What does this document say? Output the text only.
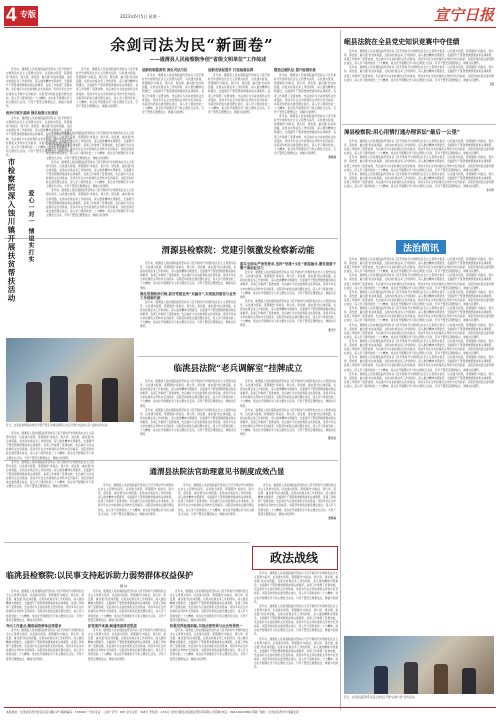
4 专版	2023年6月5日 星期一	宣宁日报
余剑司法为民“新画卷”
——通渭县人民检察院争创“省级文明单位”工作综述

近年来，通渭县人民检察院始终坚持以习近平新时代中国特色社会主义思想为指导，以党建为统领，紧紧围绕“讲政治、顾大局、谋发展、重自强”的总体思路，在抓实检察业务工作的同时，深入推进精神文明建设，全面提升干警思想道德素质和法律素养，各项工作取得了显著成效，先后被评为全省检察机关先进集体，连续多年在全市检察机关考核中名列前茅。该院坚持把政治建设摆在首位，深入学习贯彻党的二十大精神，常态化开展理论学习和主题党日活动，引导干警坚定理想信念、厚植为民情怀。

政治引领夯基础 强化检察文化建设

近年来，通渭县人民检察院始终坚持以习近平新时代中国特色社会主义思想为指导，以党建为统领，紧紧围绕“讲政治、顾大局、谋发展、重自强”的总体思路，在抓实检察业务工作的同时，深入推进精神文明建设，全面提升干警思想道德素质和法律素养，各项工作取得了显著成效，先后被评为全省检察机关先进集体，连续多年在全市检察机关考核中名列前茅。该院坚持把政治建设摆在首位，深入学习贯彻党的二十大精神，常态化开展理论学习和主题党日活动，引导干警坚定理想信念、厚植为民情怀。

近年来，通渭县人民检察院始终坚持以习近平新时代中国特色社会主义思想为指导，以党建为统领，紧紧围绕“讲政治、顾大局、谋发展、重自强”的总体思路，在抓实检察业务工作的同时，深入推进精神文明建设，全面提升干警思想道德素质和法律素养，各项工作取得了显著成效，先后被评为全省检察机关先进集体，连续多年在全市检察机关考核中名列前茅。该院坚持把政治建设摆在首位，深入学习贯彻党的二十大精神，常态化开展理论学习和主题党日活动，引导干警坚定理想信念、厚植为民情怀。

创新机制提质效 深化司法为民

近年来，通渭县人民检察院始终坚持以习近平新时代中国特色社会主义思想为指导，以党建为统领，紧紧围绕“讲政治、顾大局、谋发展、重自强”的总体思路，在抓实检察业务工作的同时，深入推进精神文明建设，全面提升干警思想道德素质和法律素养，各项工作取得了显著成效，先后被评为全省检察机关先进集体，连续多年在全市检察机关考核中名列前茅。该院坚持把政治建设摆在首位，深入学习贯彻党的二十大精神，常态化开展理论学习和主题党日活动，引导干警坚定理想信念、厚植为民情怀。

创新发展促提升 打造检察品牌

近年来，通渭县人民检察院始终坚持以习近平新时代中国特色社会主义思想为指导，以党建为统领，紧紧围绕“讲政治、顾大局、谋发展、重自强”的总体思路，在抓实检察业务工作的同时，深入推进精神文明建设，全面提升干警思想道德素质和法律素养，各项工作取得了显著成效，先后被评为全省检察机关先进集体，连续多年在全市检察机关考核中名列前茅。该院坚持把政治建设摆在首位，深入学习贯彻党的二十大精神，常态化开展理论学习和主题党日活动，引导干警坚定理想信念、厚植为民情怀。

锻造过硬队伍 提升检察形象

近年来，通渭县人民检察院始终坚持以习近平新时代中国特色社会主义思想为指导，以党建为统领，紧紧围绕“讲政治、顾大局、谋发展、重自强”的总体思路，在抓实检察业务工作的同时，深入推进精神文明建设，全面提升干警思想道德素质和法律素养，各项工作取得了显著成效，先后被评为全省检察机关先进集体，连续多年在全市检察机关考核中名列前茅。该院坚持把政治建设摆在首位，深入学习贯彻党的二十大精神，常态化开展理论学习和主题党日活动，引导干警坚定理想信念、厚植为民情怀。

近年来，通渭县人民检察院始终坚持以习近平新时代中国特色社会主义思想为指导，以党建为统领，紧紧围绕“讲政治、顾大局、谋发展、重自强”的总体思路，在抓实检察业务工作的同时，深入推进精神文明建设，全面提升干警思想道德素质和法律素养，各项工作取得了显著成效，先后被评为全省检察机关先进集体，连续多年在全市检察机关考核中名列前茅。该院坚持把政治建设摆在首位，深入学习贯彻党的二十大精神，常态化开展理论学习和主题党日活动，引导干警坚定理想信念、厚植为民情怀。

张鸿基
市检察院深入蚀川镇开展扶贫帮扶活动 爱心一对一 情谊实打实

近年来，通渭县人民检察院始终坚持以习近平新时代中国特色社会主义思想为指导，以党建为统领，紧紧围绕“讲政治、顾大局、谋发展、重自强”的总体思路，在抓实检察业务工作的同时，深入推进精神文明建设，全面提升干警思想道德素质和法律素养，各项工作取得了显著成效，先后被评为全省检察机关先进集体，连续多年在全市检察机关考核中名列前茅。该院坚持把政治建设摆在首位，深入学习贯彻党的二十大精神，常态化开展理论学习和主题党日活动，引导干警坚定理想信念、厚植为民情怀。

近年来，通渭县人民检察院始终坚持以习近平新时代中国特色社会主义思想为指导，以党建为统领，紧紧围绕“讲政治、顾大局、谋发展、重自强”的总体思路，在抓实检察业务工作的同时，深入推进精神文明建设，全面提升干警思想道德素质和法律素养，各项工作取得了显著成效，先后被评为全省检察机关先进集体，连续多年在全市检察机关考核中名列前茅。该院坚持把政治建设摆在首位，深入学习贯彻党的二十大精神，常态化开展理论学习和主题党日活动，引导干警坚定理想信念、厚植为民情怀。

近年来，通渭县人民检察院始终坚持以习近平新时代中国特色社会主义思想为指导，以党建为统领，紧紧围绕“讲政治、顾大局、谋发展、重自强”的总体思路，在抓实检察业务工作的同时，深入推进精神文明建设，全面提升干警思想道德素质和法律素养，各项工作取得了显著成效，先后被评为全省检察机关先进集体，连续多年在全市检察机关考核中名列前茅。该院坚持把政治建设摆在首位，深入学习贯彻党的二十大精神，常态化开展理论学习和主题党日活动，引导干警坚定理想信念、厚植为民情怀。

近日，庄浪县检察院检察长带领干警走进漳县遮阳山片区开展“送法进山区”法律宣传活动。
渭源县检察院：党建引领激发检察新动能

近年来，通渭县人民检察院始终坚持以习近平新时代中国特色社会主义思想为指导，以党建为统领，紧紧围绕“讲政治、顾大局、谋发展、重自强”的总体思路，在抓实检察业务工作的同时，深入推进精神文明建设，全面提升干警思想道德素质和法律素养，各项工作取得了显著成效，先后被评为全省检察机关先进集体，连续多年在全市检察机关考核中名列前茅。该院坚持把政治建设摆在首位，深入学习贯彻党的二十大精神，常态化开展理论学习和主题党日活动，引导干警坚定理想信念、厚植为民情怀。

强化思想政治引领,抓好党建业务“双融合”,实现组织建设与业务工作同频共振

近年来，通渭县人民检察院始终坚持以习近平新时代中国特色社会主义思想为指导，以党建为统领，紧紧围绕“讲政治、顾大局、谋发展、重自强”的总体思路，在抓实检察业务工作的同时，深入推进精神文明建设，全面提升干警思想道德素质和法律素养，各项工作取得了显著成效，先后被评为全省检察机关先进集体，连续多年在全市检察机关考核中名列前茅。该院坚持把政治建设摆在首位，深入学习贯彻党的二十大精神，常态化开展理论学习和主题党日活动，引导干警坚定理想信念、厚植为民情怀。

落实全面从严治党要求,坚持“党建+文化”深度融合,激发检察干警干事创业活力

近年来，通渭县人民检察院始终坚持以习近平新时代中国特色社会主义思想为指导，以党建为统领，紧紧围绕“讲政治、顾大局、谋发展、重自强”的总体思路，在抓实检察业务工作的同时，深入推进精神文明建设，全面提升干警思想道德素质和法律素养，各项工作取得了显著成效，先后被评为全省检察机关先进集体，连续多年在全市检察机关考核中名列前茅。该院坚持把政治建设摆在首位，深入学习贯彻党的二十大精神，常态化开展理论学习和主题党日活动，引导干警坚定理想信念、厚植为民情怀。

近年来，通渭县人民检察院始终坚持以习近平新时代中国特色社会主义思想为指导，以党建为统领，紧紧围绕“讲政治、顾大局、谋发展、重自强”的总体思路，在抓实检察业务工作的同时，深入推进精神文明建设，全面提升干警思想道德素质和法律素养，各项工作取得了显著成效，先后被评为全省检察机关先进集体，连续多年在全市检察机关考核中名列前茅。该院坚持把政治建设摆在首位，深入学习贯彻党的二十大精神，常态化开展理论学习和主题党日活动，引导干警坚定理想信念、厚植为民情怀。

张宇宁
临洮县法院“老兵调解室”挂牌成立

近年来，通渭县人民检察院始终坚持以习近平新时代中国特色社会主义思想为指导，以党建为统领，紧紧围绕“讲政治、顾大局、谋发展、重自强”的总体思路，在抓实检察业务工作的同时，深入推进精神文明建设，全面提升干警思想道德素质和法律素养，各项工作取得了显著成效，先后被评为全省检察机关先进集体，连续多年在全市检察机关考核中名列前茅。该院坚持把政治建设摆在首位，深入学习贯彻党的二十大精神，常态化开展理论学习和主题党日活动，引导干警坚定理想信念、厚植为民情怀。

近年来，通渭县人民检察院始终坚持以习近平新时代中国特色社会主义思想为指导，以党建为统领，紧紧围绕“讲政治、顾大局、谋发展、重自强”的总体思路，在抓实检察业务工作的同时，深入推进精神文明建设，全面提升干警思想道德素质和法律素养，各项工作取得了显著成效，先后被评为全省检察机关先进集体，连续多年在全市检察机关考核中名列前茅。该院坚持把政治建设摆在首位，深入学习贯彻党的二十大精神，常态化开展理论学习和主题党日活动，引导干警坚定理想信念、厚植为民情怀。

近年来，通渭县人民检察院始终坚持以习近平新时代中国特色社会主义思想为指导，以党建为统领，紧紧围绕“讲政治、顾大局、谋发展、重自强”的总体思路，在抓实检察业务工作的同时，深入推进精神文明建设，全面提升干警思想道德素质和法律素养，各项工作取得了显著成效，先后被评为全省检察机关先进集体，连续多年在全市检察机关考核中名列前茅。该院坚持把政治建设摆在首位，深入学习贯彻党的二十大精神，常态化开展理论学习和主题党日活动，引导干警坚定理想信念、厚植为民情怀。

近年来，通渭县人民检察院始终坚持以习近平新时代中国特色社会主义思想为指导，以党建为统领，紧紧围绕“讲政治、顾大局、谋发展、重自强”的总体思路，在抓实检察业务工作的同时，深入推进精神文明建设，全面提升干警思想道德素质和法律素养，各项工作取得了显著成效，先后被评为全省检察机关先进集体，连续多年在全市检察机关考核中名列前茅。该院坚持把政治建设摆在首位，深入学习贯彻党的二十大精神，常态化开展理论学习和主题党日活动，引导干警坚定理想信念、厚植为民情怀。

陈丹亮
通渭县法院法官助理意见书制度成效凸显

近年来，通渭县人民检察院始终坚持以习近平新时代中国特色社会主义思想为指导，以党建为统领，紧紧围绕“讲政治、顾大局、谋发展、重自强”的总体思路，在抓实检察业务工作的同时，深入推进精神文明建设，全面提升干警思想道德素质和法律素养，各项工作取得了显著成效，先后被评为全省检察机关先进集体，连续多年在全市检察机关考核中名列前茅。该院坚持把政治建设摆在首位，深入学习贯彻党的二十大精神，常态化开展理论学习和主题党日活动，引导干警坚定理想信念、厚植为民情怀。

近年来，通渭县人民检察院始终坚持以习近平新时代中国特色社会主义思想为指导，以党建为统领，紧紧围绕“讲政治、顾大局、谋发展、重自强”的总体思路，在抓实检察业务工作的同时，深入推进精神文明建设，全面提升干警思想道德素质和法律素养，各项工作取得了显著成效，先后被评为全省检察机关先进集体，连续多年在全市检察机关考核中名列前茅。该院坚持把政治建设摆在首位，深入学习贯彻党的二十大精神，常态化开展理论学习和主题党日活动，引导干警坚定理想信念、厚植为民情怀。

近年来，通渭县人民检察院始终坚持以习近平新时代中国特色社会主义思想为指导，以党建为统领，紧紧围绕“讲政治、顾大局、谋发展、重自强”的总体思路，在抓实检察业务工作的同时，深入推进精神文明建设，全面提升干警思想道德素质和法律素养，各项工作取得了显著成效，先后被评为全省检察机关先进集体，连续多年在全市检察机关考核中名列前茅。该院坚持把政治建设摆在首位，深入学习贯彻党的二十大精神，常态化开展理论学习和主题党日活动，引导干警坚定理想信念、厚植为民情怀。

张鸿基

近年来，通渭县人民检察院始终坚持以习近平新时代中国特色社会主义思想为指导，以党建为统领，紧紧围绕“讲政治、顾大局、谋发展、重自强”的总体思路，在抓实检察业务工作的同时，深入推进精神文明建设，全面提升干警思想道德素质和法律素养，各项工作取得了显著成效，先后被评为全省检察机关先进集体，连续多年在全市检察机关考核中名列前茅。该院坚持把政治建设摆在首位，深入学习贯彻党的二十大精神，常态化开展理论学习和主题党日活动，引导干警坚定理想信念、厚植为民情怀。

近年来，通渭县人民检察院始终坚持以习近平新时代中国特色社会主义思想为指导，以党建为统领，紧紧围绕“讲政治、顾大局、谋发展、重自强”的总体思路，在抓实检察业务工作的同时，深入推进精神文明建设，全面提升干警思想道德素质和法律素养，各项工作取得了显著成效，先后被评为全省检察机关先进集体，连续多年在全市检察机关考核中名列前茅。该院坚持把政治建设摆在首位，深入学习贯彻党的二十大精神，常态化开展理论学习和主题党日活动，引导干警坚定理想信念、厚植为民情怀。

政法战线
临洮县检察院:以民事支持起诉助力弱势群体权益保护
魏 林

近年来，通渭县人民检察院始终坚持以习近平新时代中国特色社会主义思想为指导，以党建为统领，紧紧围绕“讲政治、顾大局、谋发展、重自强”的总体思路，在抓实检察业务工作的同时，深入推进精神文明建设，全面提升干警思想道德素质和法律素养，各项工作取得了显著成效，先后被评为全省检察机关先进集体，连续多年在全市检察机关考核中名列前茅。该院坚持把政治建设摆在首位，深入学习贯彻党的二十大精神，常态化开展理论学习和主题党日活动，引导干警坚定理想信念、厚植为民情怀。

突出工作重点,聚焦弱势群体法律需求

近年来，通渭县人民检察院始终坚持以习近平新时代中国特色社会主义思想为指导，以党建为统领，紧紧围绕“讲政治、顾大局、谋发展、重自强”的总体思路，在抓实检察业务工作的同时，深入推进精神文明建设，全面提升干警思想道德素质和法律素养，各项工作取得了显著成效，先后被评为全省检察机关先进集体，连续多年在全市检察机关考核中名列前茅。该院坚持把政治建设摆在首位，深入学习贯彻党的二十大精神，常态化开展理论学习和主题党日活动，引导干警坚定理想信念、厚植为民情怀。

近年来，通渭县人民检察院始终坚持以习近平新时代中国特色社会主义思想为指导，以党建为统领，紧紧围绕“讲政治、顾大局、谋发展、重自强”的总体思路，在抓实检察业务工作的同时，深入推进精神文明建设，全面提升干警思想道德素质和法律素养，各项工作取得了显著成效，先后被评为全省检察机关先进集体，连续多年在全市检察机关考核中名列前茅。该院坚持把政治建设摆在首位，深入学习贯彻党的二十大精神，常态化开展理论学习和主题党日活动，引导干警坚定理想信念、厚植为民情怀。

拓宽案件来源,畅通线索移送渠道

近年来，通渭县人民检察院始终坚持以习近平新时代中国特色社会主义思想为指导，以党建为统领，紧紧围绕“讲政治、顾大局、谋发展、重自强”的总体思路，在抓实检察业务工作的同时，深入推进精神文明建设，全面提升干警思想道德素质和法律素养，各项工作取得了显著成效，先后被评为全省检察机关先进集体，连续多年在全市检察机关考核中名列前茅。该院坚持把政治建设摆在首位，深入学习贯彻党的二十大精神，常态化开展理论学习和主题党日活动，引导干警坚定理想信念、厚植为民情怀。

近年来，通渭县人民检察院始终坚持以习近平新时代中国特色社会主义思想为指导，以党建为统领，紧紧围绕“讲政治、顾大局、谋发展、重自强”的总体思路，在抓实检察业务工作的同时，深入推进精神文明建设，全面提升干警思想道德素质和法律素养，各项工作取得了显著成效，先后被评为全省检察机关先进集体，连续多年在全市检察机关考核中名列前茅。该院坚持把政治建设摆在首位，深入学习贯彻党的二十大精神，常态化开展理论学习和主题党日活动，引导干警坚定理想信念、厚植为民情怀。

积极发挥检察职能,实现法律效果与社会效果统一

近年来，通渭县人民检察院始终坚持以习近平新时代中国特色社会主义思想为指导，以党建为统领，紧紧围绕“讲政治、顾大局、谋发展、重自强”的总体思路，在抓实检察业务工作的同时，深入推进精神文明建设，全面提升干警思想道德素质和法律素养，各项工作取得了显著成效，先后被评为全省检察机关先进集体，连续多年在全市检察机关考核中名列前茅。该院坚持把政治建设摆在首位，深入学习贯彻党的二十大精神，常态化开展理论学习和主题党日活动，引导干警坚定理想信念、厚植为民情怀。

近年来，通渭县人民检察院始终坚持以习近平新时代中国特色社会主义思想为指导，以党建为统领，紧紧围绕“讲政治、顾大局、谋发展、重自强”的总体思路，在抓实检察业务工作的同时，深入推进精神文明建设，全面提升干警思想道德素质和法律素养，各项工作取得了显著成效，先后被评为全省检察机关先进集体，连续多年在全市检察机关考核中名列前茅。该院坚持把政治建设摆在首位，深入学习贯彻党的二十大精神，常态化开展理论学习和主题党日活动，引导干警坚定理想信念、厚植为民情怀。

近年来，通渭县人民检察院始终坚持以习近平新时代中国特色社会主义思想为指导，以党建为统领，紧紧围绕“讲政治、顾大局、谋发展、重自强”的总体思路，在抓实检察业务工作的同时，深入推进精神文明建设，全面提升干警思想道德素质和法律素养，各项工作取得了显著成效，先后被评为全省检察机关先进集体，连续多年在全市检察机关考核中名列前茅。该院坚持把政治建设摆在首位，深入学习贯彻党的二十大精神，常态化开展理论学习和主题党日活动，引导干警坚定理想信念、厚植为民情怀。

近年来，通渭县人民检察院始终坚持以习近平新时代中国特色社会主义思想为指导，以党建为统领，紧紧围绕“讲政治、顾大局、谋发展、重自强”的总体思路，在抓实检察业务工作的同时，深入推进精神文明建设，全面提升干警思想道德素质和法律素养，各项工作取得了显著成效，先后被评为全省检察机关先进集体，连续多年在全市检察机关考核中名列前茅。该院坚持把政治建设摆在首位，深入学习贯彻党的二十大精神，常态化开展理论学习和主题党日活动，引导干警坚定理想信念、厚植为民情怀。

岷县法院在全县党史知识竞赛中夺佳绩

近年来，通渭县人民检察院始终坚持以习近平新时代中国特色社会主义思想为指导，以党建为统领，紧紧围绕“讲政治、顾大局、谋发展、重自强”的总体思路，在抓实检察业务工作的同时，深入推进精神文明建设，全面提升干警思想道德素质和法律素养，各项工作取得了显著成效，先后被评为全省检察机关先进集体，连续多年在全市检察机关考核中名列前茅。该院坚持把政治建设摆在首位，深入学习贯彻党的二十大精神，常态化开展理论学习和主题党日活动，引导干警坚定理想信念、厚植为民情怀。

近年来，通渭县人民检察院始终坚持以习近平新时代中国特色社会主义思想为指导，以党建为统领，紧紧围绕“讲政治、顾大局、谋发展、重自强”的总体思路，在抓实检察业务工作的同时，深入推进精神文明建设，全面提升干警思想道德素质和法律素养，各项工作取得了显著成效，先后被评为全省检察机关先进集体，连续多年在全市检察机关考核中名列前茅。该院坚持把政治建设摆在首位，深入学习贯彻党的二十大精神，常态化开展理论学习和主题党日活动，引导干警坚定理想信念、厚植为民情怀。

王涛
漳县检察院:用心用情打通办理诉讼“最后一公里”

近年来，通渭县人民检察院始终坚持以习近平新时代中国特色社会主义思想为指导，以党建为统领，紧紧围绕“讲政治、顾大局、谋发展、重自强”的总体思路，在抓实检察业务工作的同时，深入推进精神文明建设，全面提升干警思想道德素质和法律素养，各项工作取得了显著成效，先后被评为全省检察机关先进集体，连续多年在全市检察机关考核中名列前茅。该院坚持把政治建设摆在首位，深入学习贯彻党的二十大精神，常态化开展理论学习和主题党日活动，引导干警坚定理想信念、厚植为民情怀。

近年来，通渭县人民检察院始终坚持以习近平新时代中国特色社会主义思想为指导，以党建为统领，紧紧围绕“讲政治、顾大局、谋发展、重自强”的总体思路，在抓实检察业务工作的同时，深入推进精神文明建设，全面提升干警思想道德素质和法律素养，各项工作取得了显著成效，先后被评为全省检察机关先进集体，连续多年在全市检察机关考核中名列前茅。该院坚持把政治建设摆在首位，深入学习贯彻党的二十大精神，常态化开展理论学习和主题党日活动，引导干警坚定理想信念、厚植为民情怀。

近年来，通渭县人民检察院始终坚持以习近平新时代中国特色社会主义思想为指导，以党建为统领，紧紧围绕“讲政治、顾大局、谋发展、重自强”的总体思路，在抓实检察业务工作的同时，深入推进精神文明建设，全面提升干警思想道德素质和法律素养，各项工作取得了显著成效，先后被评为全省检察机关先进集体，连续多年在全市检察机关考核中名列前茅。该院坚持把政治建设摆在首位，深入学习贯彻党的二十大精神，常态化开展理论学习和主题党日活动，引导干警坚定理想信念、厚植为民情怀。

李小军
法治简讯

近年来，通渭县人民检察院始终坚持以习近平新时代中国特色社会主义思想为指导，以党建为统领，紧紧围绕“讲政治、顾大局、谋发展、重自强”的总体思路，在抓实检察业务工作的同时，深入推进精神文明建设，全面提升干警思想道德素质和法律素养，各项工作取得了显著成效，先后被评为全省检察机关先进集体，连续多年在全市检察机关考核中名列前茅。该院坚持把政治建设摆在首位，深入学习贯彻党的二十大精神，常态化开展理论学习和主题党日活动，引导干警坚定理想信念、厚植为民情怀。

近年来，通渭县人民检察院始终坚持以习近平新时代中国特色社会主义思想为指导，以党建为统领，紧紧围绕“讲政治、顾大局、谋发展、重自强”的总体思路，在抓实检察业务工作的同时，深入推进精神文明建设，全面提升干警思想道德素质和法律素养，各项工作取得了显著成效，先后被评为全省检察机关先进集体，连续多年在全市检察机关考核中名列前茅。该院坚持把政治建设摆在首位，深入学习贯彻党的二十大精神，常态化开展理论学习和主题党日活动，引导干警坚定理想信念、厚植为民情怀。

近年来，通渭县人民检察院始终坚持以习近平新时代中国特色社会主义思想为指导，以党建为统领，紧紧围绕“讲政治、顾大局、谋发展、重自强”的总体思路，在抓实检察业务工作的同时，深入推进精神文明建设，全面提升干警思想道德素质和法律素养，各项工作取得了显著成效，先后被评为全省检察机关先进集体，连续多年在全市检察机关考核中名列前茅。该院坚持把政治建设摆在首位，深入学习贯彻党的二十大精神，常态化开展理论学习和主题党日活动，引导干警坚定理想信念、厚植为民情怀。

近年来，通渭县人民检察院始终坚持以习近平新时代中国特色社会主义思想为指导，以党建为统领，紧紧围绕“讲政治、顾大局、谋发展、重自强”的总体思路，在抓实检察业务工作的同时，深入推进精神文明建设，全面提升干警思想道德素质和法律素养，各项工作取得了显著成效，先后被评为全省检察机关先进集体，连续多年在全市检察机关考核中名列前茅。该院坚持把政治建设摆在首位，深入学习贯彻党的二十大精神，常态化开展理论学习和主题党日活动，引导干警坚定理想信念、厚植为民情怀。

近年来，通渭县人民检察院始终坚持以习近平新时代中国特色社会主义思想为指导，以党建为统领，紧紧围绕“讲政治、顾大局、谋发展、重自强”的总体思路，在抓实检察业务工作的同时，深入推进精神文明建设，全面提升干警思想道德素质和法律素养，各项工作取得了显著成效，先后被评为全省检察机关先进集体，连续多年在全市检察机关考核中名列前茅。该院坚持把政治建设摆在首位，深入学习贯彻党的二十大精神，常态化开展理论学习和主题党日活动，引导干警坚定理想信念、厚植为民情怀。

近年来，通渭县人民检察院始终坚持以习近平新时代中国特色社会主义思想为指导，以党建为统领，紧紧围绕“讲政治、顾大局、谋发展、重自强”的总体思路，在抓实检察业务工作的同时，深入推进精神文明建设，全面提升干警思想道德素质和法律素养，各项工作取得了显著成效，先后被评为全省检察机关先进集体，连续多年在全市检察机关考核中名列前茅。该院坚持把政治建设摆在首位，深入学习贯彻党的二十大精神，常态化开展理论学习和主题党日活动，引导干警坚定理想信念、厚植为民情怀。

近年来，通渭县人民检察院始终坚持以习近平新时代中国特色社会主义思想为指导，以党建为统领，紧紧围绕“讲政治、顾大局、谋发展、重自强”的总体思路，在抓实检察业务工作的同时，深入推进精神文明建设，全面提升干警思想道德素质和法律素养，各项工作取得了显著成效，先后被评为全省检察机关先进集体，连续多年在全市检察机关考核中名列前茅。该院坚持把政治建设摆在首位，深入学习贯彻党的二十大精神，常态化开展理论学习和主题党日活动，引导干警坚定理想信念、厚植为民情怀。

近年来，通渭县人民检察院始终坚持以习近平新时代中国特色社会主义思想为指导，以党建为统领，紧紧围绕“讲政治、顾大局、谋发展、重自强”的总体思路，在抓实检察业务工作的同时，深入推进精神文明建设，全面提升干警思想道德素质和法律素养，各项工作取得了显著成效，先后被评为全省检察机关先进集体，连续多年在全市检察机关考核中名列前茅。该院坚持把政治建设摆在首位，深入学习贯彻党的二十大精神，常态化开展理论学习和主题党日活动，引导干警坚定理想信念、厚植为民情怀。

近日，庄浪县法院青年法官走进社区开展“法律六进”宣传活动。
本报地址：甘肃省定西市安定区南川路11号 邮政编码：743000 广告许可证：工商广字号：003 全年定价：348元 零售价：1.50元 甘肃日报报业集团定西印务有限公司印刷 电话：0932-8213086 印刷厂地址：甘肃省定西市中华路北段
